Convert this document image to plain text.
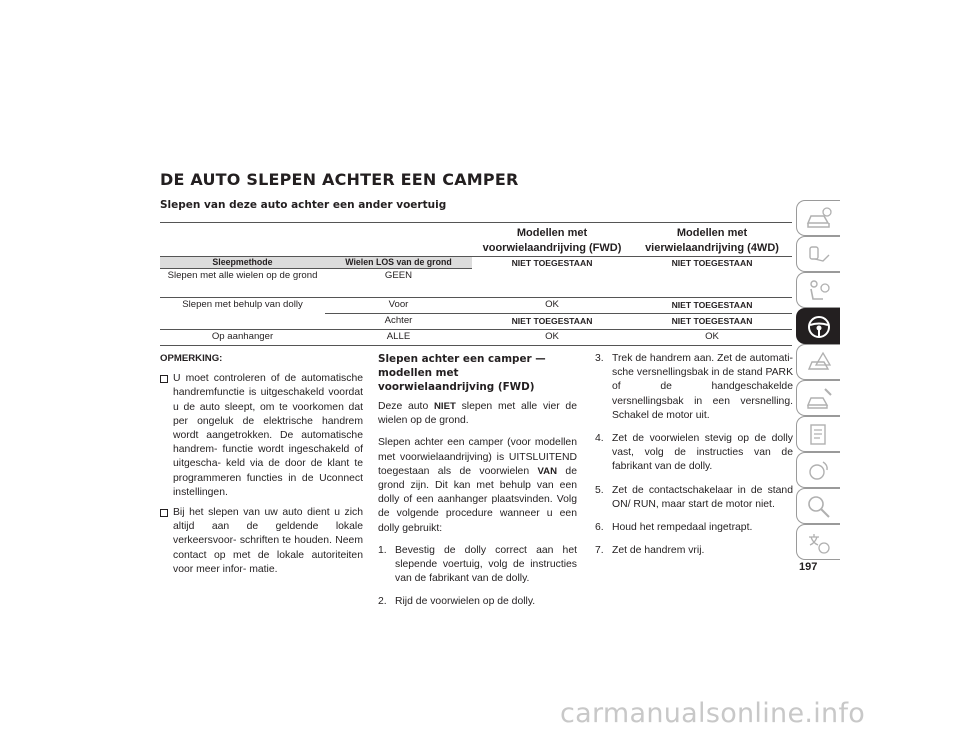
DE AUTO SLEPEN ACHTER EEN CAMPER
Slepen van deze auto achter een ander voertuig
Modellen met voorwielaandrijving (FWD)
Modellen met vierwielaandrijving (4WD)
Sleepmethode	Wielen LOS van de grond	NIET TOEGESTAAN	NIET TOEGESTAAN
Slepen met alle wielen op de grond	GEEN
Slepen met behulp van dolly	Voor	OK	NIET TOEGESTAAN
Achter	NIET TOEGESTAAN	NIET TOEGESTAAN
Op aanhanger	ALLE	OK	OK
OPMERKING:
U moet controleren of de automatische handremfunctie is uitgeschakeld voordat u de auto sleept, om te voorkomen dat per ongeluk de elektrische handrem wordt aangetrokken. De automatische handrem- functie wordt ingeschakeld of uitgescha- keld via de door de klant te programmeren functies in de Uconnect instellingen.
Bij het slepen van uw auto dient u zich altijd aan de geldende lokale verkeersvoor- schriften te houden. Neem contact op met de lokale autoriteiten voor meer infor- matie.
Slepen achter een camper — modellen met voorwielaandrijving (FWD)

Deze auto NIET slepen met alle vier de wielen op de grond.

Slepen achter een camper (voor modellen met voorwielaandrijving) is UITSLUITEND toegestaan als de voorwielen VAN de grond zijn. Dit kan met behulp van een dolly of een aanhanger plaatsvinden. Volg de volgende procedure wanneer u een dolly gebruikt:

1. Bevestig de dolly correct aan het slepende voertuig, volg de instructies van de fabrikant van de dolly.
2. Rijd de voorwielen op de dolly.
3. Trek de handrem aan. Zet de automati- sche versnellingsbak in de stand PARK of de handgeschakelde versnellingsbak in een versnelling. Schakel de motor uit.
4. Zet de voorwielen stevig op de dolly vast, volg de instructies van de fabrikant van de dolly.
5. Zet de contactschakelaar in de stand ON/ RUN, maar start de motor niet.
6. Houd het rempedaal ingetrapt.
7. Zet de handrem vrij.
197
carmanualsonline.info
